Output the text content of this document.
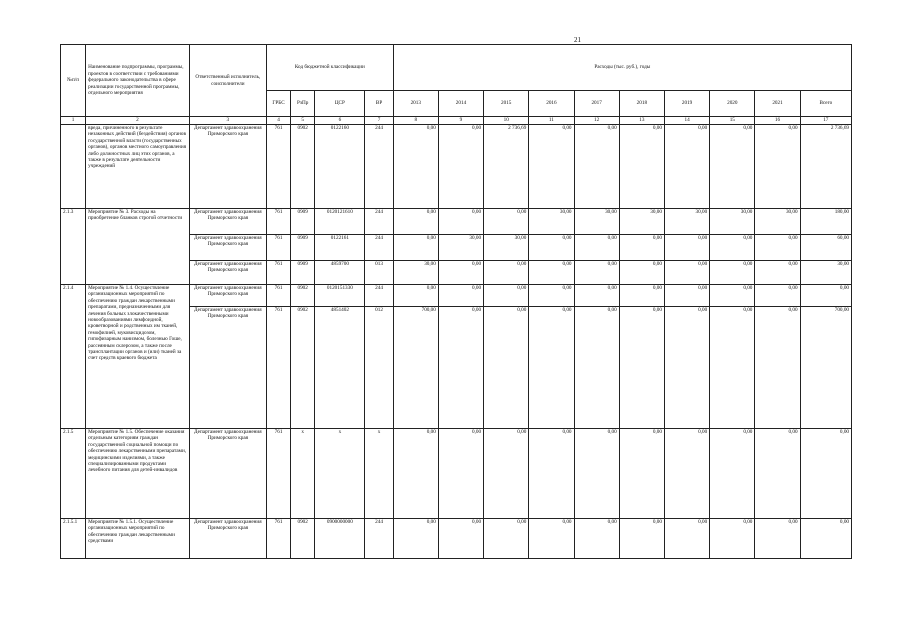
21
№п/п	Наименование подпрограммы, программы, проектов в соответствии с требованиями федерального законодательства в сфере реализации государственной программы, отдельного мероприятия	Ответственный исполнитель, соисполнители	Код бюджетной классификации				Расходы (тыс. руб.), годы									
			ГРБС	РзПр	ЦСР	ВР	2013	2014	2015	2016	2017	2018	2019	2020	2021	Всего
1	2	3	4	5	6	7	8	9	10	11	12	13	14	15	16	17
	вреда, причиненного в результате незаконных действий (бездействия) органов государственной власти (государственных органов), органов местного самоуправления либо должностных лиц этих органов, а также в результате деятельности учреждений	Департамент здравоохранения Приморского края	761	0902	0122160	244	0,00	0,00	2 736,69	0,00	0,00	0,00	0,00	0,00	0,00	2 736,69
2.1.3	Мероприятие № 3. Расходы на приобретение бланков строгой отчетности	Департамент здравоохранения Приморского края	761	0909	0120121610	244	0,00	0,00	0,00	30,00	30,00	30,00	30,00	30,00	30,00	180,00
		Департамент здравоохранения Приморского края	761	0909	0122161	244	0,00	30,00	30,00	0,00	0,00	0,00	0,00	0,00	0,00	60,00
		Департамент здравоохранения Приморского края	761	0909	4859700	013	30,00	0,00	0,00	0,00	0,00	0,00	0,00	0,00	0,00	30,00
2.1.4	Мероприятие № 1.4. Осуществление организационных мероприятий по обеспечению граждан лекарственными препаратами, предназначенными для лечения больных злокачественными новообразованиями лимфоидной, кроветворной и родственных им тканей, гемофилией, муковисцидозом, гипофизарным нанизмом, болезнью Гоше, рассеянным склерозом, а также после трансплантации органов и (или) тканей за счет средств краевого бюджета	Департамент здравоохранения Приморского края	761	0902	0120151330	244	0,00	0,00	0,00	0,00	0,00	0,00	0,00	0,00	0,00	0,00
		Департамент здравоохранения Приморского края	761	0902	4851402	012	700,00	0,00	0,00	0,00	0,00	0,00	0,00	0,00	0,00	700,00
2.1.5	Мероприятие № 1.5. Обеспечение оказания отдельным категориям граждан государственной социальной помощи по обеспечению лекарственными препаратами, медицинскими изделиями, а также специализированными продуктами лечебного питания для детей-инвалидов	Департамент здравоохранения Приморского края	761	x	x	x	0,00	0,00	0,00	0,00	0,00	0,00	0,00	0,00	0,00	0,00
2.1.5.1	Мероприятие № 1.5.1. Осуществление организационных мероприятий по обеспечению граждан лекарственными средствами	Департамент здравоохранения Приморского края	761	0902	0900000000	244	0,00	0,00	0,00	0,00	0,00	0,00	0,00	0,00	0,00	0,00
